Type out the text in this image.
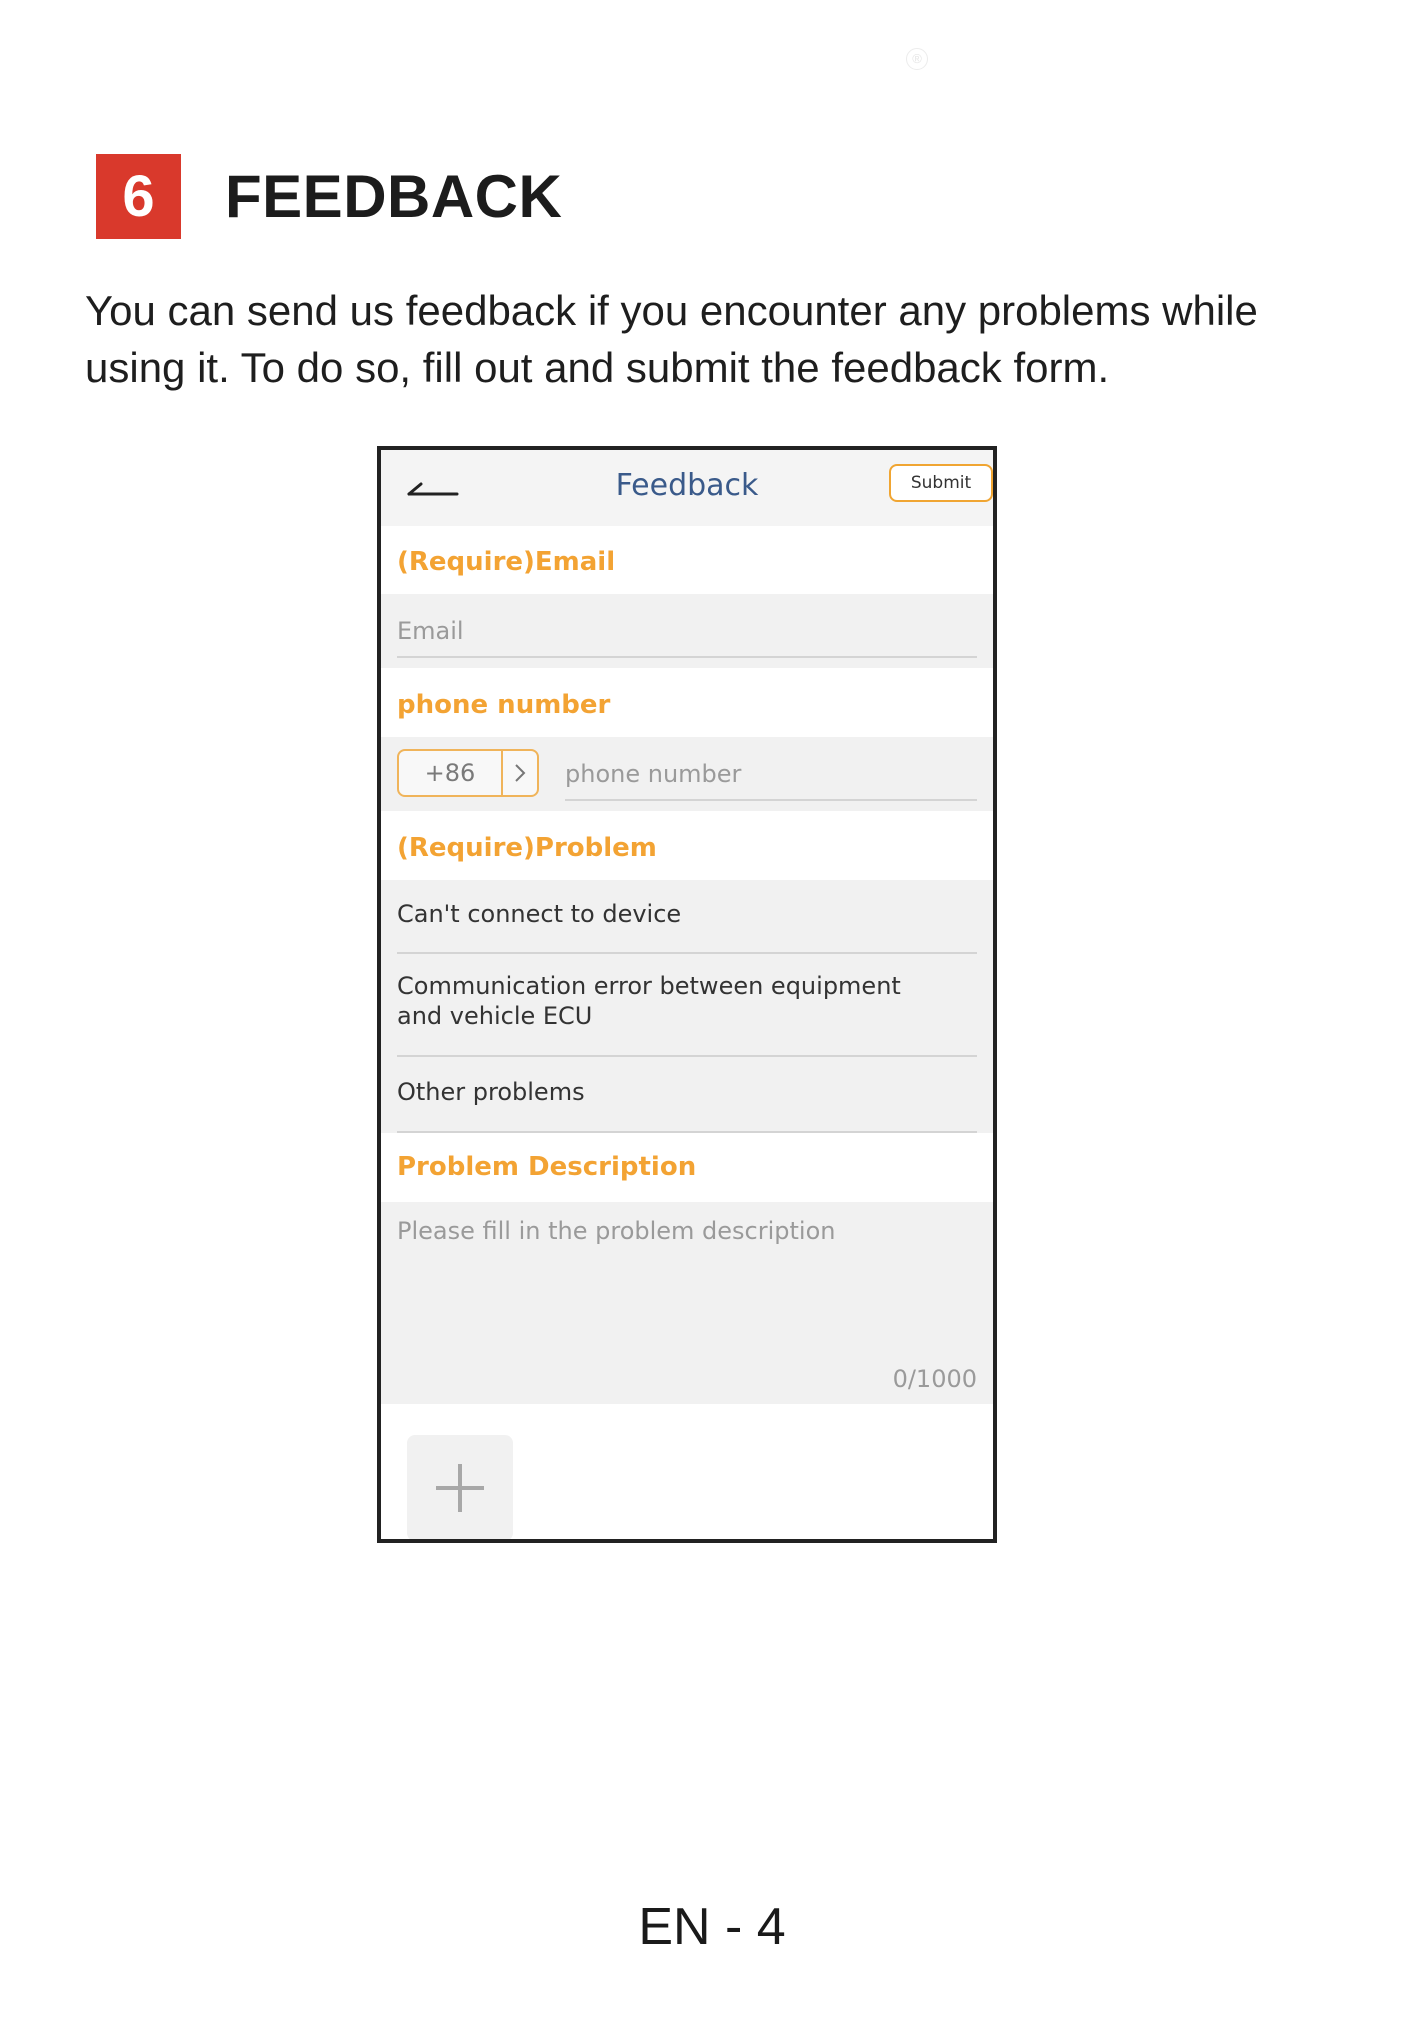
®
6	FEEDBACK

You can send us feedback if you encounter any problems while using it. To do so, fill out and submit the feedback form.

Feedback	Submit
(Require)Email
Email
phone number
+86	phone number
(Require)Problem
Can't connect to device
Communication error between equipment and vehicle ECU
Other problems
Problem Description
Please fill in the problem description
0/1000
EN - 4
